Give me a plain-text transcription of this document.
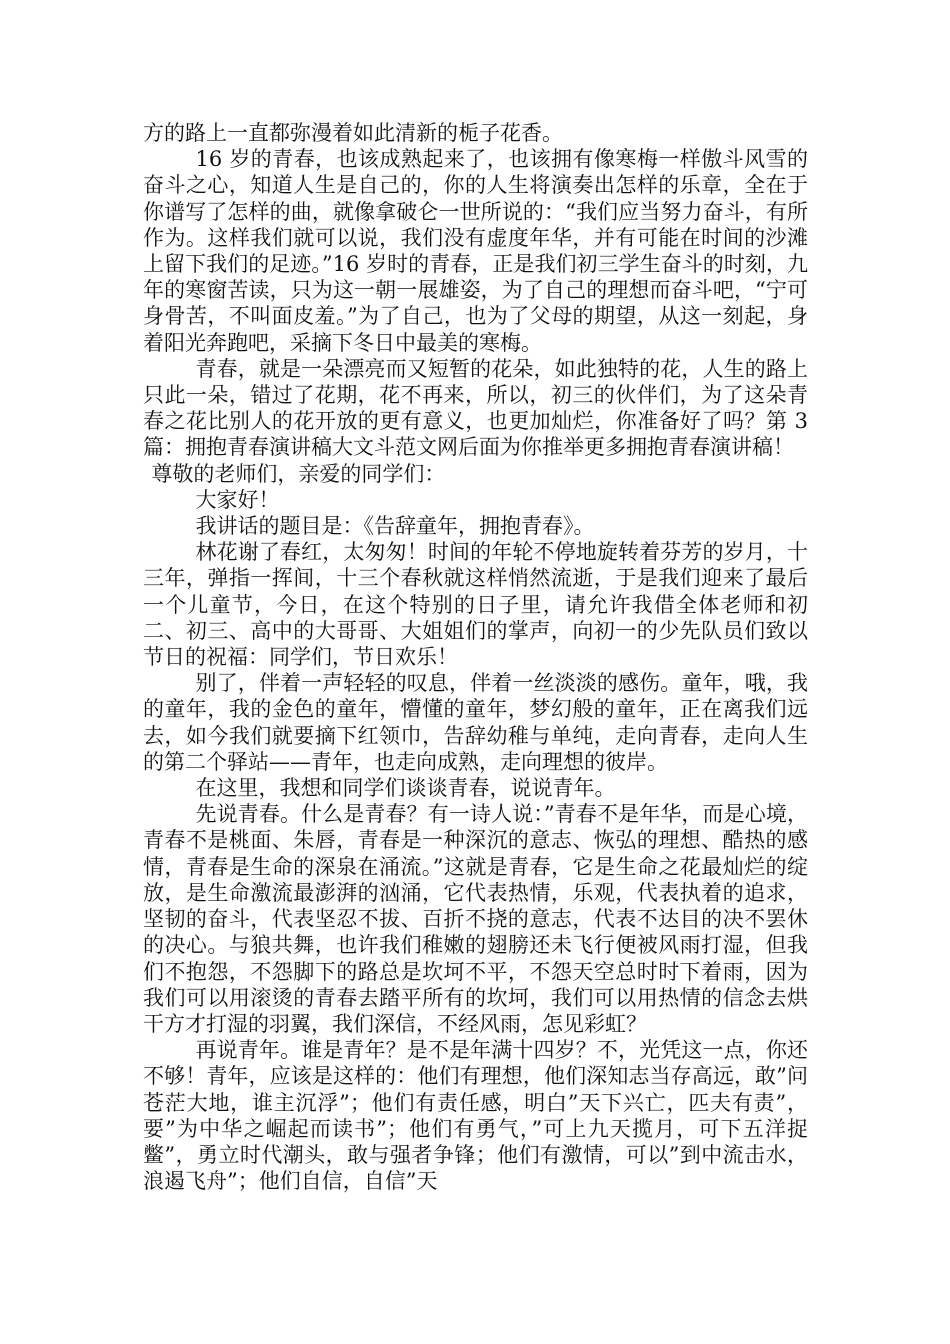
方的路上一直都弥漫着如此清新的栀子花香。

16 岁的青春，也该成熟起来了，也该拥有像寒梅一样傲斗风雪的奋斗之心，知道人生是自己的，你的人生将演奏出怎样的乐章，全在于你谱写了怎样的曲，就像拿破仑一世所说的：“我们应当努力奋斗，有所作为。这样我们就可以说，我们没有虚度年华，并有可能在时间的沙滩上留下我们的足迹。”16 岁时的青春，正是我们初三学生奋斗的时刻，九年的寒窗苦读，只为这一朝一展雄姿，为了自己的理想而奋斗吧，“宁可身骨苦，不叫面皮羞。”为了自己，也为了父母的期望，从这一刻起，身着阳光奔跑吧，采摘下冬日中最美的寒梅。

青春，就是一朵漂亮而又短暂的花朵，如此独特的花，人生的路上只此一朵，错过了花期，花不再来，所以，初三的伙伴们，为了这朵青春之花比别人的花开放的更有意义，也更加灿烂，你准备好了吗？第 3 篇：拥抱青春演讲稿大文斗范文网后面为你推举更多拥抱青春演讲稿！

尊敬的老师们，亲爱的同学们：

大家好！

我讲话的题目是：《告辞童年，拥抱青春》。

林花谢了春红，太匆匆！时间的年轮不停地旋转着芬芳的岁月，十三年，弹指一挥间，十三个春秋就这样悄然流逝，于是我们迎来了最后一个儿童节，今日，在这个特别的日子里，请允许我借全体老师和初二、初三、高中的大哥哥、大姐姐们的掌声，向初一的少先队员们致以节日的祝福：同学们，节日欢乐！

别了，伴着一声轻轻的叹息，伴着一丝淡淡的感伤。童年，哦，我的童年，我的金色的童年，懵懂的童年，梦幻般的童年，正在离我们远去，如今我们就要摘下红领巾，告辞幼稚与单纯，走向青春，走向人生的第二个驿站——青年，也走向成熟，走向理想的彼岸。

在这里，我想和同学们谈谈青春，说说青年。

先说青春。什么是青春？有一诗人说：”青春不是年华，而是心境，青春不是桃面、朱唇，青春是一种深沉的意志、恢弘的理想、酷热的感情，青春是生命的深泉在涌流。”这就是青春，它是生命之花最灿烂的绽放，是生命激流最澎湃的汹涌，它代表热情，乐观，代表执着的追求，坚韧的奋斗，代表坚忍不拔、百折不挠的意志，代表不达目的决不罢休的决心。与狼共舞，也许我们稚嫩的翅膀还未飞行便被风雨打湿，但我们不抱怨，不怨脚下的路总是坎坷不平，不怨天空总时时下着雨，因为我们可以用滚烫的青春去踏平所有的坎坷，我们可以用热情的信念去烘干方才打湿的羽翼，我们深信，不经风雨，怎见彩虹？

再说青年。谁是青年？是不是年满十四岁？不，光凭这一点，你还不够！青年，应该是这样的：他们有理想，他们深知志当存高远，敢”问苍茫大地，谁主沉浮”；他们有责任感，明白”天下兴亡，匹夫有责”，要”为中华之崛起而读书”；他们有勇气，”可上九天揽月，可下五洋捉鳖”，勇立时代潮头，敢与强者争锋；他们有激情，可以”到中流击水，浪遏飞舟”；他们自信，自信”天
